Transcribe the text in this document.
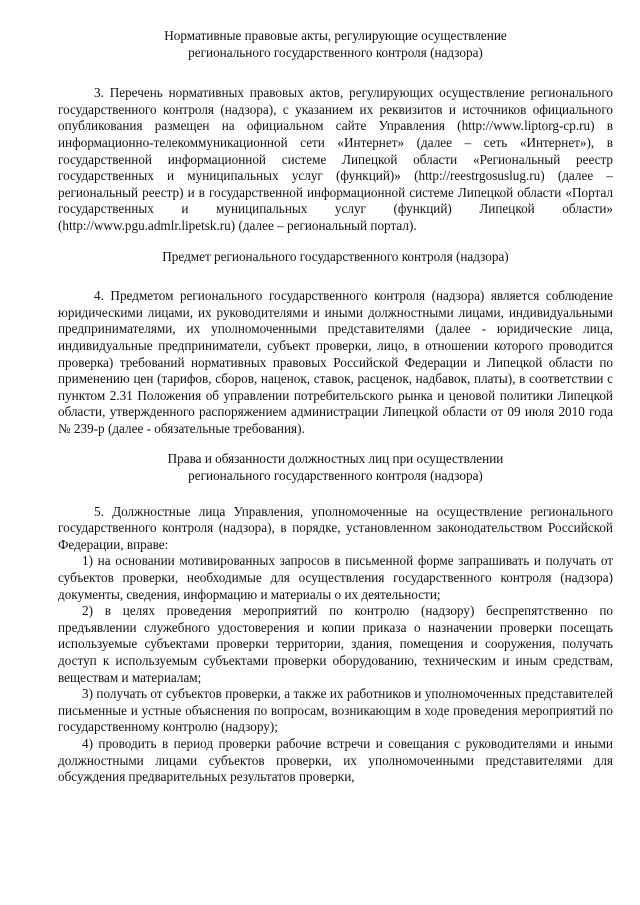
Нормативные правовые акты, регулирующие осуществление
регионального государственного контроля (надзора)

3. Перечень нормативных правовых актов, регулирующих осуществление регионального государственного контроля (надзора), с указанием их реквизитов и источников официального опубликования размещен на официальном сайте Управления (http://www.liptorg-cp.ru) в информационно-телекоммуникационной сети «Интернет» (далее – сеть «Интернет»), в государственной информационной системе Липецкой области «Региональный реестр государственных и муниципальных услуг (функций)» (http://reestrgosuslug.ru) (далее – региональный реестр) и в государственной информационной системе Липецкой области «Портал государственных и муниципальных услуг (функций) Липецкой области» (http://www.pgu.admlr.lipetsk.ru) (далее – региональный портал).

Предмет регионального государственного контроля (надзора)

4. Предметом регионального государственного контроля (надзора) является соблюдение юридическими лицами, их руководителями и иными должностными лицами, индивидуальными предпринимателями, их уполномоченными представителями (далее - юридические лица, индивидуальные предприниматели, субъект проверки, лицо, в отношении которого проводится проверка) требований нормативных правовых Российской Федерации и Липецкой области по применению цен (тарифов, сборов, наценок, ставок, расценок, надбавок, платы), в соответствии с пунктом 2.31 Положения об управлении потребительского рынка и ценовой политики Липецкой области, утвержденного распоряжением администрации Липецкой области от 09 июля 2010 года № 239-р (далее - обязательные требования).

Права и обязанности должностных лиц при осуществлении
регионального государственного контроля (надзора)

5. Должностные лица Управления, уполномоченные на осуществление регионального государственного контроля (надзора), в порядке, установленном законодательством Российской Федерации, вправе:

1) на основании мотивированных запросов в письменной форме запрашивать и получать от субъектов проверки, необходимые для осуществления государственного контроля (надзора) документы, сведения, информацию и материалы о их деятельности;

2) в целях проведения мероприятий по контролю (надзору) беспрепятственно по предъявлении служебного удостоверения и копии приказа о назначении проверки посещать используемые субъектами проверки территории, здания, помещения и сооружения, получать доступ к используемым субъектами проверки оборудованию, техническим и иным средствам, веществам и материалам;

3) получать от субъектов проверки, а также их работников и уполномоченных представителей письменные и устные объяснения по вопросам, возникающим в ходе проведения мероприятий по государственному контролю (надзору);

4) проводить в период проверки рабочие встречи и совещания с руководителями и иными должностными лицами субъектов проверки, их уполномоченными представителями для обсуждения предварительных результатов проверки,
